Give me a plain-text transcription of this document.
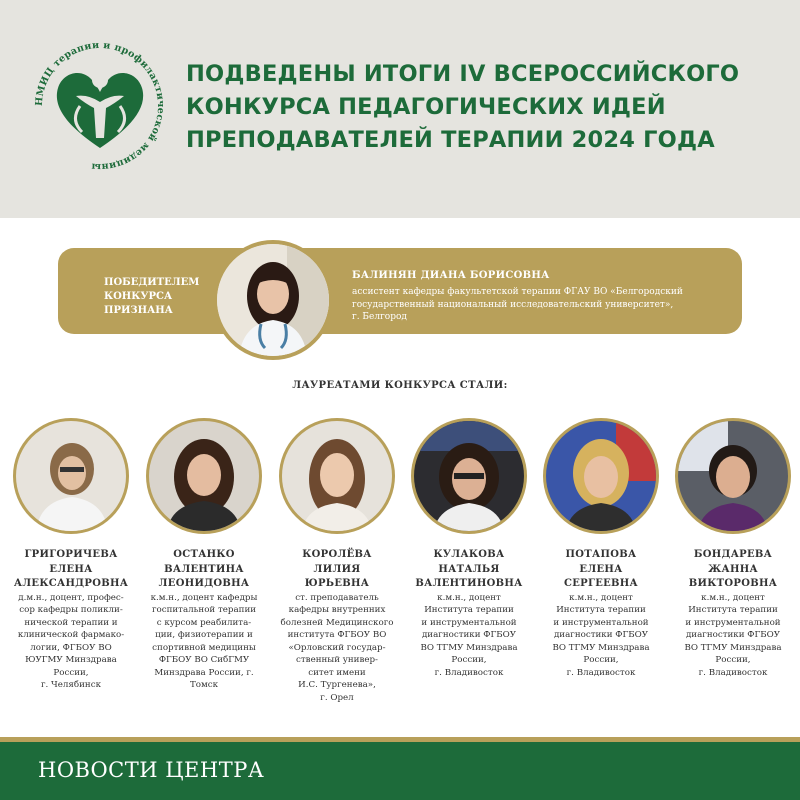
НМИЦ терапии и профилактической медицины
ПОДВЕДЕНЫ ИТОГИ IV ВСЕРОССИЙСКОГО
КОНКУРСА ПЕДАГОГИЧЕСКИХ ИДЕЙ
ПРЕПОДАВАТЕЛЕЙ ТЕРАПИИ 2024 ГОДА
ПОБЕДИТЕЛЕМ
КОНКУРСА
ПРИЗНАНА
БАЛИНЯН ДИАНА БОРИСОВНА
ассистент кафедры факультетской терапии ФГАУ ВО «Белгородский
государственный национальный исследовательский университет»,
г. Белгород
ЛАУРЕАТАМИ КОНКУРСА СТАЛИ:
ГРИГОРИЧЕВА
ЕЛЕНА
АЛЕКСАНДРОВНА
д.м.н., доцент, профес-
сор кафедры поликли-
нической терапии и
клинической фармако-
логии, ФГБОУ ВО
ЮУГМУ Минздрава
России,
г. Челябинск
ОСТАНКО
ВАЛЕНТИНА
ЛЕОНИДОВНА
к.м.н., доцент кафедры
госпитальной терапии
с курсом реабилита-
ции, физиотерапии и
спортивной медицины
ФГБОУ ВО СибГМУ
Минздрава России, г.
Томск
КОРОЛЁВА
ЛИЛИЯ
ЮРЬЕВНА
ст. преподаватель
кафедры внутренних
болезней Медицинского
института ФГБОУ ВО
«Орловский государ-
ственный универ-
ситет имени
И.С. Тургенева»,
г. Орел
КУЛАКОВА
НАТАЛЬЯ
ВАЛЕНТИНОВНА
к.м.н., доцент
Института терапии
и инструментальной
диагностики ФГБОУ
ВО ТГМУ Минздрава
России,
г. Владивосток
ПОТАПОВА
ЕЛЕНА
СЕРГЕЕВНА
к.м.н., доцент
Института терапии
и инструментальной
диагностики ФГБОУ
ВО ТГМУ Минздрава
России,
г. Владивосток
БОНДАРЕВА
ЖАННА
ВИКТОРОВНА
к.м.н., доцент
Института терапии
и инструментальной
диагностики ФГБОУ
ВО ТГМУ Минздрава
России,
г. Владивосток
НОВОСТИ ЦЕНТРА
